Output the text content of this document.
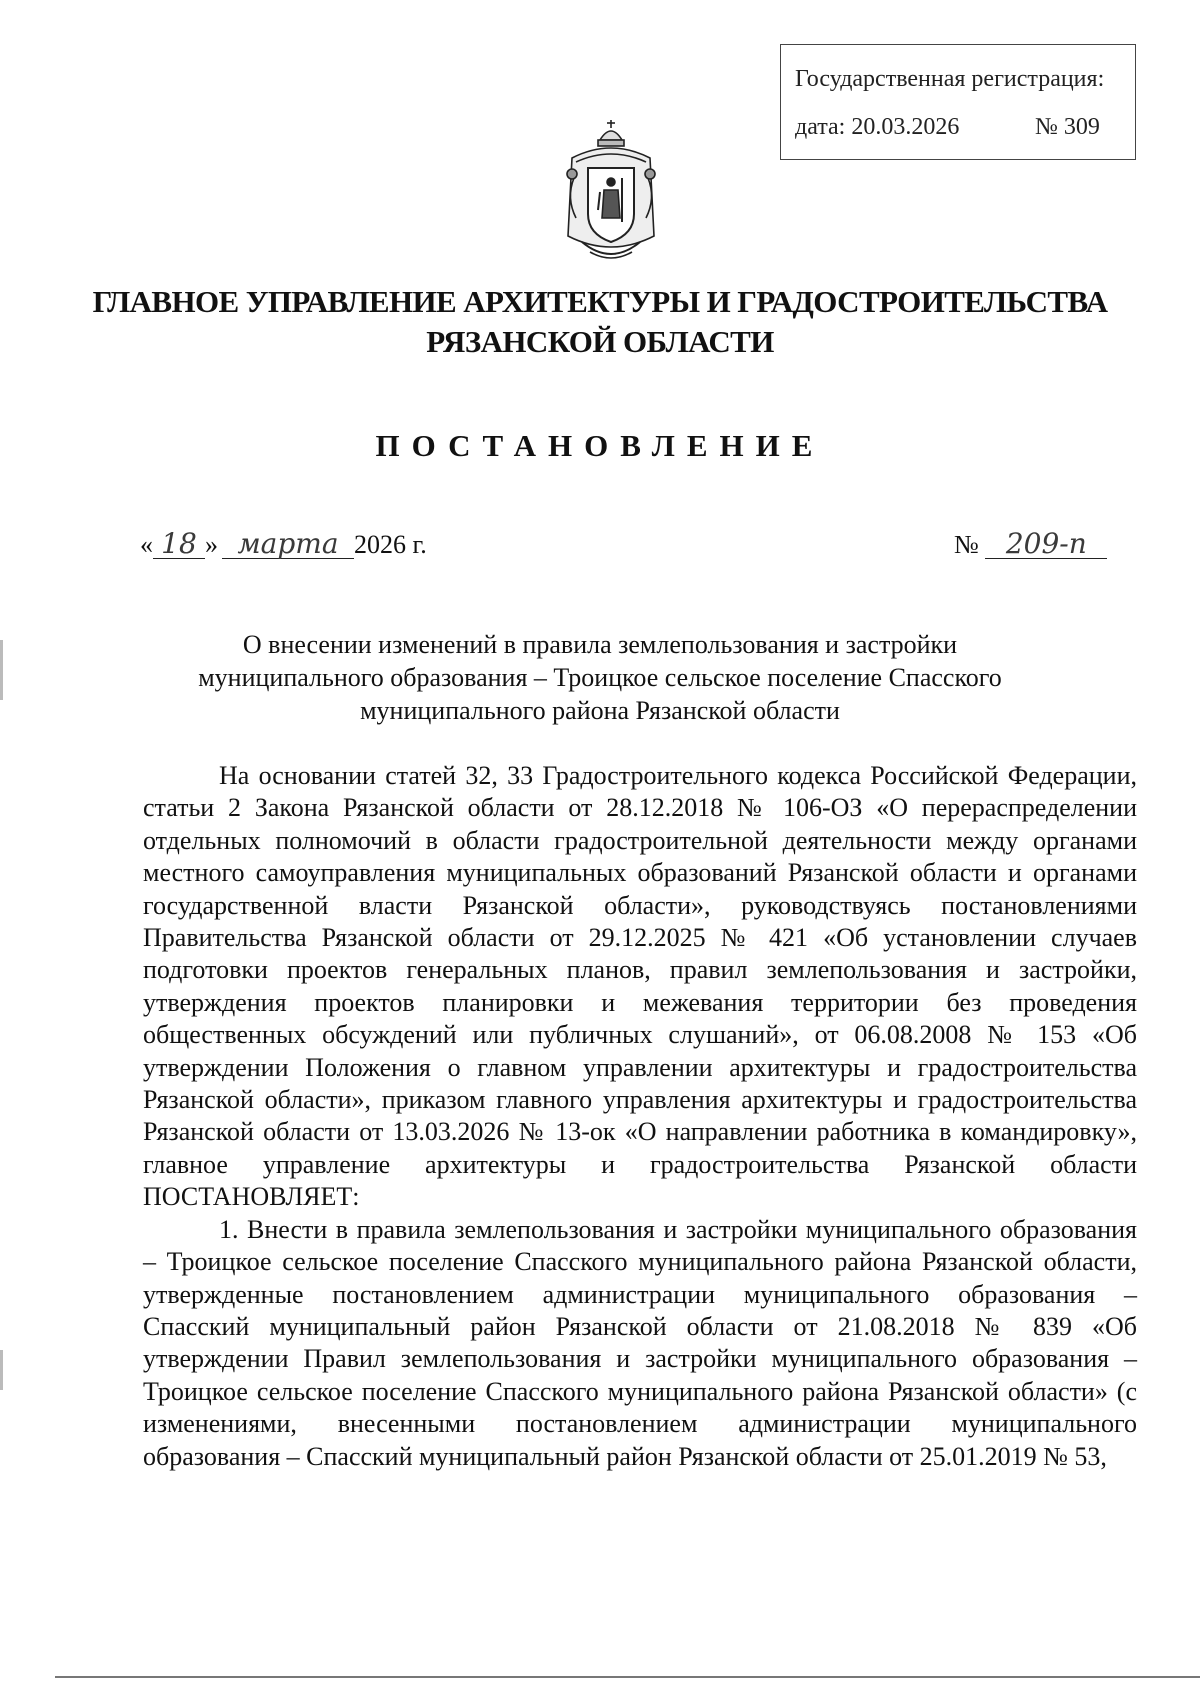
Государственная регистрация:
дата: 20.03.2026	№ 309
ГЛАВНОЕ УПРАВЛЕНИЕ АРХИТЕКТУРЫ И ГРАДОСТРОИТЕЛЬСТВА
РЯЗАНСКОЙ ОБЛАСТИ
ПОСТАНОВЛЕНИЕ
« 18 » марта 2026 г.	№ 209-п
О внесении изменений в правила землепользования и застройки
муниципального образования – Троицкое сельское поселение Спасского
муниципального района Рязанской области

На основании статей 32, 33 Градостроительного кодекса Российской Федерации, статьи 2 Закона Рязанской области от 28.12.2018 № 106-ОЗ «О перераспределении отдельных полномочий в области градостроительной деятельности между органами местного самоуправления муниципальных образований Рязанской области и органами государственной власти Рязанской области», руководствуясь постановлениями Правительства Рязанской области от 29.12.2025 № 421 «Об установлении случаев подготовки проектов генеральных планов, правил землепользования и застройки, утверждения проектов планировки и межевания территории без проведения общественных обсуждений или публичных слушаний», от 06.08.2008 № 153 «Об утверждении Положения о главном управлении архитектуры и градостроительства Рязанской области», приказом главного управления архитектуры и градостроительства Рязанской области от 13.03.2026 № 13-ок «О направлении работника в командировку», главное управление архитектуры и градостроительства Рязанской области ПОСТАНОВЛЯЕТ:

1. Внести в правила землепользования и застройки муниципального образования – Троицкое сельское поселение Спасского муниципального района Рязанской области, утвержденные постановлением администрации муниципального образования – Спасский муниципальный район Рязанской области от 21.08.2018 № 839 «Об утверждении Правил землепользования и застройки муниципального образования – Троицкое сельское поселение Спасского муниципального района Рязанской области» (с изменениями, внесенными постановлением администрации муниципального образования – Спасский муниципальный район Рязанской области от 25.01.2019 № 53,
